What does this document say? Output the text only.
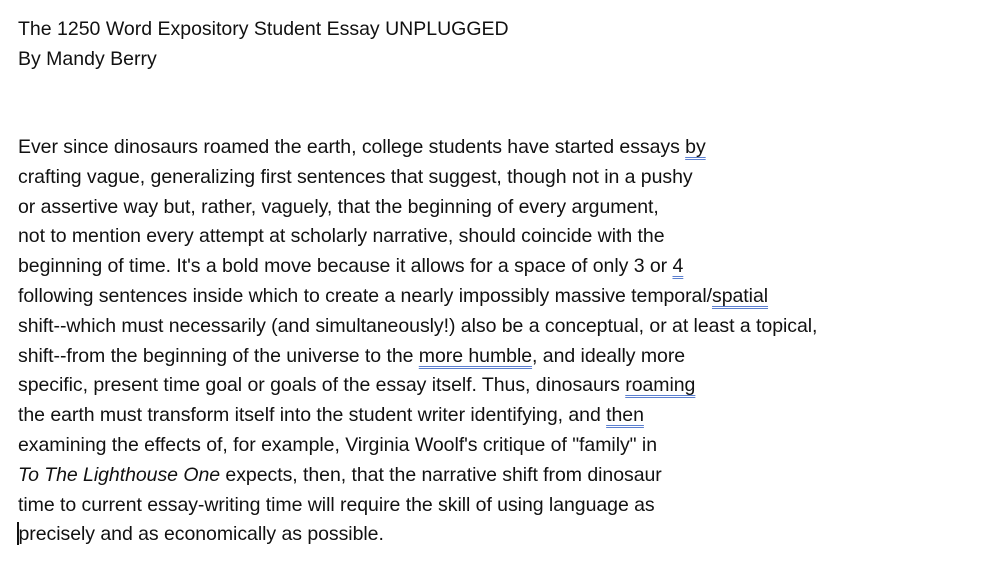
The 1250 Word Expository Student Essay UNPLUGGED
By Mandy Berry
Ever since dinosaurs roamed the earth, college students have started essays by
crafting vague, generalizing first sentences that suggest, though not in a pushy
or assertive way but, rather, vaguely, that the beginning of every argument,
not to mention every attempt at scholarly narrative, should coincide with the
beginning of time. It's a bold move because it allows for a space of only 3 or 4
following sentences inside which to create a nearly impossibly massive temporal/spatial
shift--which must necessarily (and simultaneously!) also be a conceptual, or at least a topical,
shift--from the beginning of the universe to the more humble, and ideally more
specific, present time goal or goals of the essay itself. Thus, dinosaurs roaming
the earth must transform itself into the student writer identifying, and then
examining the effects of, for example, Virginia Woolf's critique of "family" in
To The Lighthouse One expects, then, that the narrative shift from dinosaur
time to current essay-writing time will require the skill of using language as
precisely and as economically as possible.
